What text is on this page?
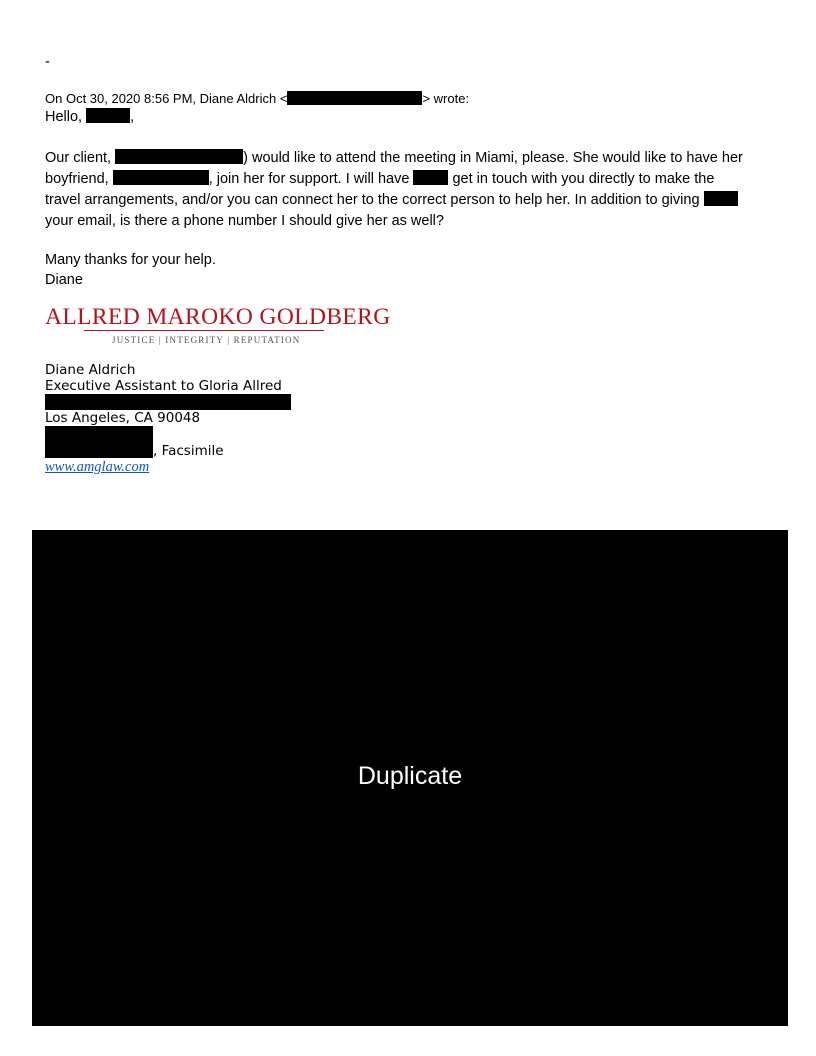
-
On Oct 30, 2020 8:56 PM, Diane Aldrich <	> wrote:
Hello,	,
Our client,	) would like to attend the meeting in Miami, please. She would like to have her
boyfriend,	, join her for support. I will have	get in touch with you directly to make the
travel arrangements, and/or you can connect her to the correct person to help her. In addition to giving
your email, is there a phone number I should give her as well?
Many thanks for your help.
Diane
ALLRED MAROKO GOLDBERG
JUSTICE | INTEGRITY | REPUTATION
Diane Aldrich
Executive Assistant to Gloria Allred
Los Angeles, CA 90048
, Facsimile
www.amglaw.com
Duplicate
